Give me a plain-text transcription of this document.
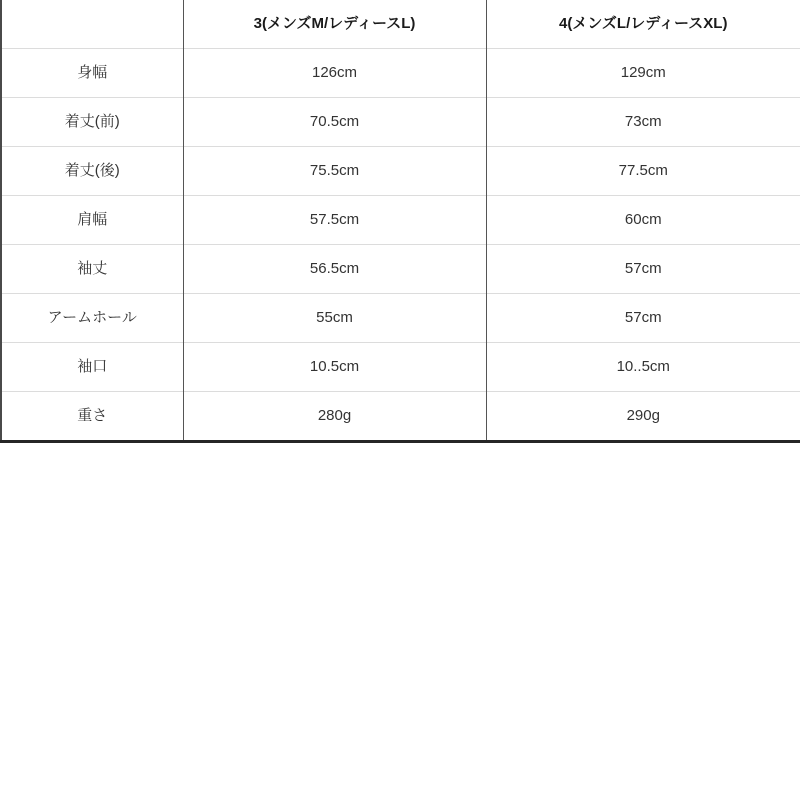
	3(メンズM/レディースL)	4(メンズL/レディースXL)
身幅	126cm	129cm
着丈(前)	70.5cm	73cm
着丈(後)	75.5cm	77.5cm
肩幅	57.5cm	60cm
袖丈	56.5cm	57cm
アームホール	55cm	57cm
袖口	10.5cm	10..5cm
重さ	280g	290g
